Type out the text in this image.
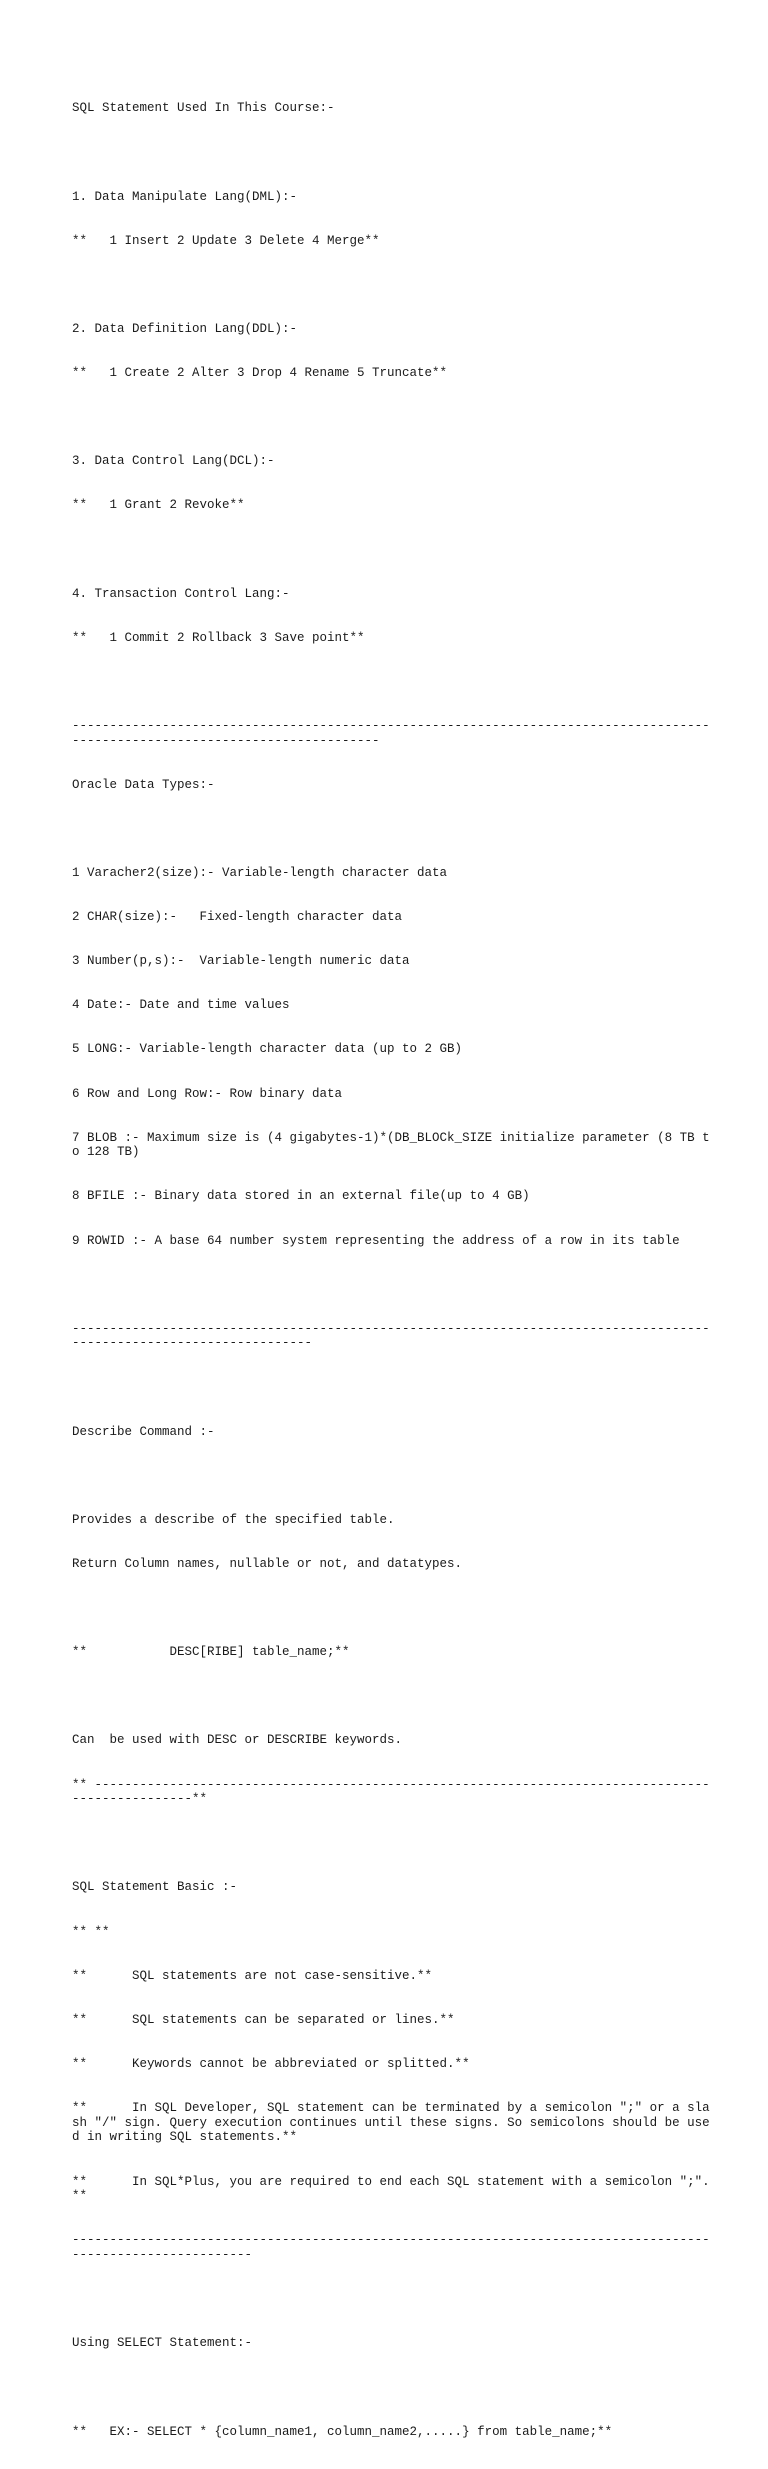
SQL Statement Used In This Course:-

1. Data Manipulate Lang(DML):-

**   1 Insert 2 Update 3 Delete 4 Merge**

2. Data Definition Lang(DDL):-

**   1 Create 2 Alter 3 Drop 4 Rename 5 Truncate**

3. Data Control Lang(DCL):-

**   1 Grant 2 Revoke**

4. Transaction Control Lang:-

**   1 Commit 2 Rollback 3 Save point**

------------------------------------------------------------------------------------------------------------------------------

Oracle Data Types:-

1 Varacher2(size):- Variable-length character data

2 CHAR(size):-   Fixed-length character data

3 Number(p,s):-  Variable-length numeric data

4 Date:- Date and time values

5 LONG:- Variable-length character data (up to 2 GB)

6 Row and Long Row:- Row binary data

7 BLOB :- Maximum size is (4 gigabytes-1)*(DB_BLOCk_SIZE initialize parameter (8 TB to 128 TB)

8 BFILE :- Binary data stored in an external file(up to 4 GB)

9 ROWID :- A base 64 number system representing the address of a row in its table

---------------------------------------------------------------------------------------------------------------------

Describe Command :-

Provides a describe of the specified table.

Return Column names, nullable or not, and datatypes.

**           DESC[RIBE] table_name;**

Can  be used with DESC or DESCRIBE keywords.

** --------------------------------------------------------------------------------------------------**

SQL Statement Basic :-

** **

**      SQL statements are not case-sensitive.**

**      SQL statements can be separated or lines.**

**      Keywords cannot be abbreviated or splitted.**

**      In SQL Developer, SQL statement can be terminated by a semicolon ";" or a slash "/" sign. Query execution continues until these signs. So semicolons should be used in writing SQL statements.**

**      In SQL*Plus, you are required to end each SQL statement with a semicolon ";".**

-------------------------------------------------------------------------------------------------------------

Using SELECT Statement:-

**   EX:- SELECT * {column_name1, column_name2,.....} from table_name;**
